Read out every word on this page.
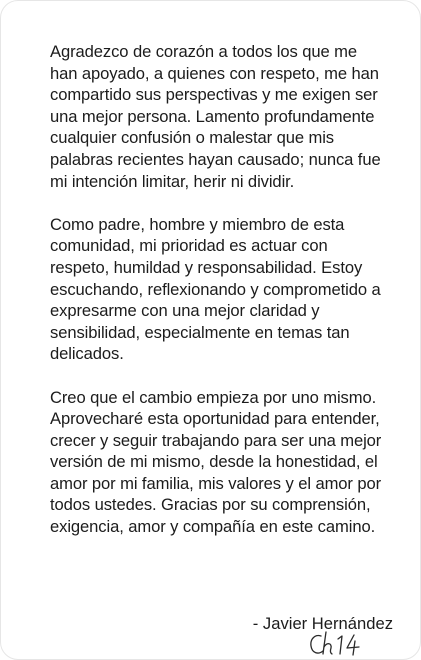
Agradezco de corazón a todos los que me han apoyado, a quienes con respeto, me han compartido sus perspectivas y me exigen ser una mejor persona. Lamento profundamente cualquier confusión o malestar que mis palabras recientes hayan causado; nunca fue mi intención limitar, herir ni dividir.

Como padre, hombre y miembro de esta comunidad, mi prioridad es actuar con respeto, humildad y responsabilidad. Estoy escuchando, reflexionando y comprometido a expresarme con una mejor claridad y sensibilidad, especialmente en temas tan delicados.

Creo que el cambio empieza por uno mismo. Aprovecharé esta oportunidad para entender, crecer y seguir trabajando para ser una mejor versión de mi mismo, desde la honestidad, el amor por mi familia, mis valores y el amor por todos ustedes. Gracias por su comprensión, exigencia, amor y compañía en este camino.

- Javier Hernández
